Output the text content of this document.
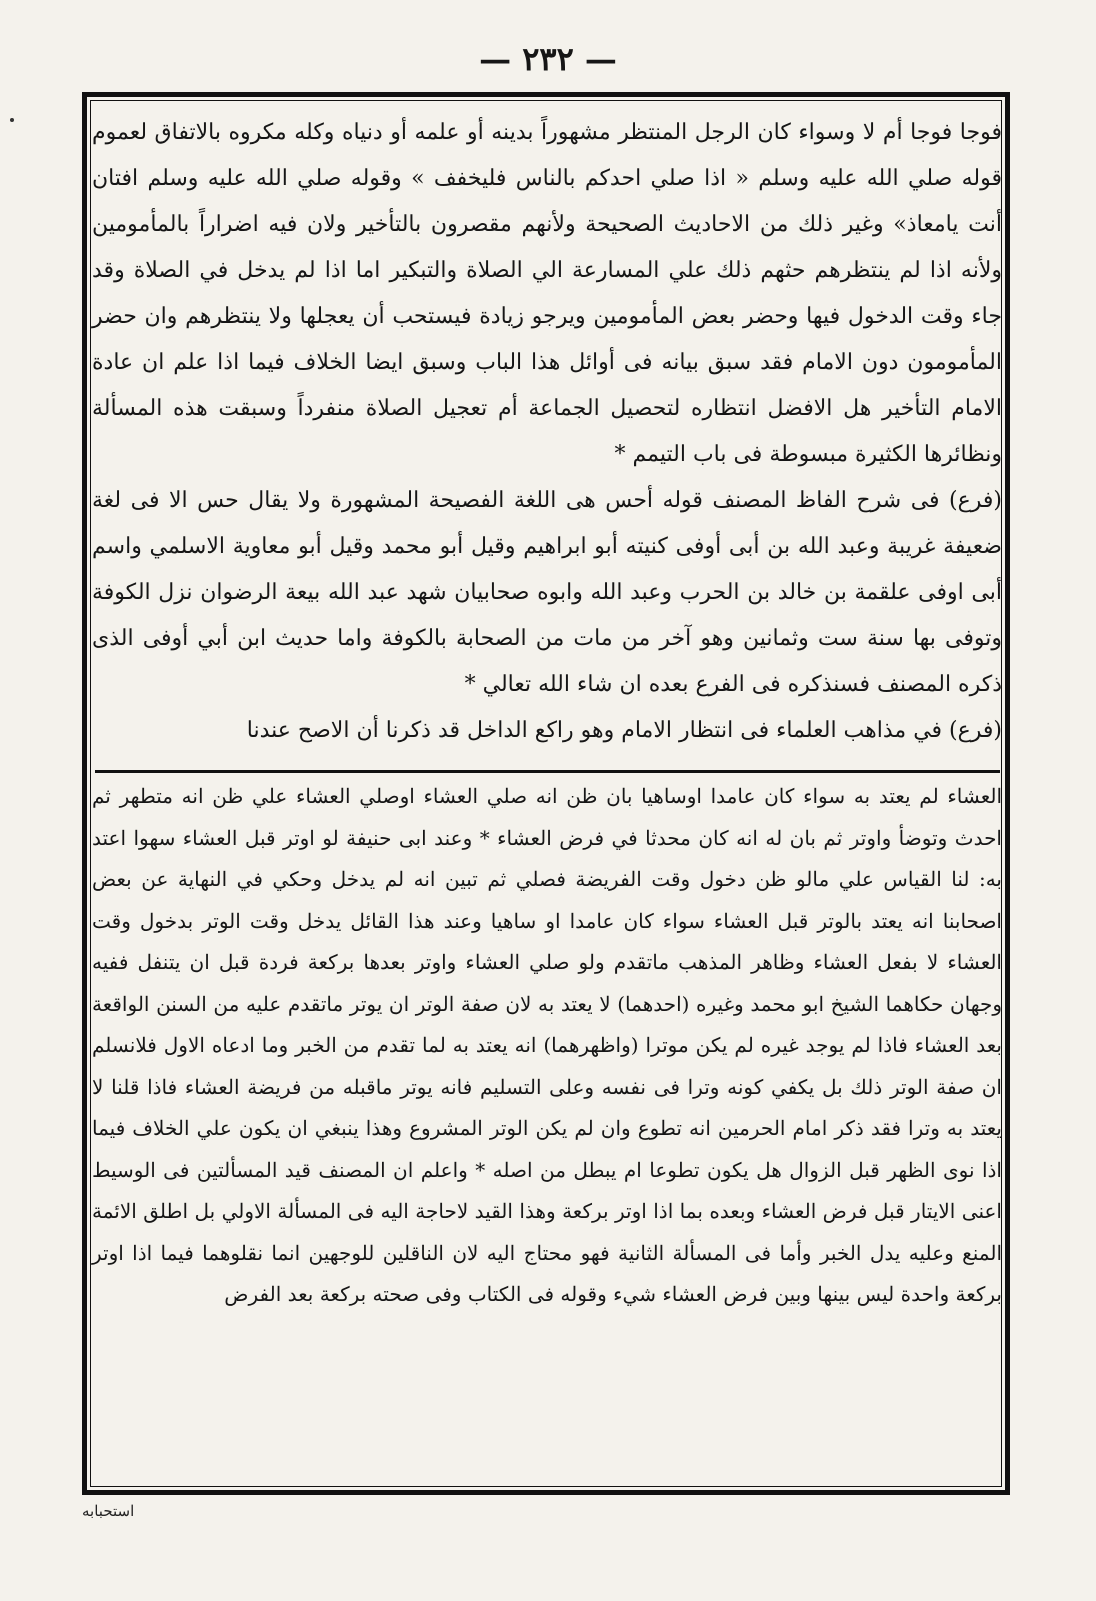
— ٢٣٢ —

فوجا فوجا أم لا وسواء كان الرجل المنتظر مشهوراً بدينه أو علمه أو دنياه وكله مكروه بالاتفاق لعموم قوله صلي الله عليه وسلم « اذا صلي احدكم بالناس فليخفف » وقوله صلي الله عليه وسلم افتان أنت يامعاذ» وغير ذلك من الاحاديث الصحيحة ولأنهم مقصرون بالتأخير ولان فيه اضراراً بالمأمومين ولأنه اذا لم ينتظرهم حثهم ذلك علي المسارعة الي الصلاة والتبكير اما اذا لم يدخل في الصلاة وقد جاء وقت الدخول فيها وحضر بعض المأمومين ويرجو زيادة فيستحب أن يعجلها ولا ينتظرهم وان حضر المأمومون دون الامام فقد سبق بيانه فى أوائل هذا الباب وسبق ايضا الخلاف فيما اذا علم ان عادة الامام التأخير هل الافضل انتظاره لتحصيل الجماعة أم تعجيل الصلاة منفرداً وسبقت هذه المسألة ونظائرها الكثيرة مبسوطة فى باب التيمم *

(فرع) فى شرح الفاظ المصنف قوله أحس هى اللغة الفصيحة المشهورة ولا يقال حس الا فى لغة ضعيفة غريبة وعبد الله بن أبى أوفى كنيته أبو ابراهيم وقيل أبو محمد وقيل أبو معاوية الاسلمي واسم أبى اوفى علقمة بن خالد بن الحرب وعبد الله وابوه صحابيان شهد عبد الله بيعة الرضوان نزل الكوفة وتوفى بها سنة ست وثمانين وهو آخر من مات من الصحابة بالكوفة واما حديث ابن أبي أوفى الذى ذكره المصنف فسنذكره فى الفرع بعده ان شاء الله تعالي *

(فرع) في مذاهب العلماء فى انتظار الامام وهو راكع الداخل قد ذكرنا أن الاصح عندنا

العشاء لم يعتد به سواء كان عامدا اوساهيا بان ظن انه صلي العشاء اوصلي العشاء علي ظن انه متطهر ثم احدث وتوضأ واوتر ثم بان له انه كان محدثا في فرض العشاء * وعند ابى حنيفة لو اوتر قبل العشاء سهوا اعتد به: لنا القياس علي مالو ظن دخول وقت الفريضة فصلي ثم تبين انه لم يدخل وحكي في النهاية عن بعض اصحابنا انه يعتد بالوتر قبل العشاء سواء كان عامدا او ساهيا وعند هذا القائل يدخل وقت الوتر بدخول وقت العشاء لا بفعل العشاء وظاهر المذهب ماتقدم ولو صلي العشاء واوتر بعدها بركعة فردة قبل ان يتنفل ففيه وجهان حكاهما الشيخ ابو محمد وغيره (احدهما) لا يعتد به لان صفة الوتر ان يوتر ماتقدم عليه من السنن الواقعة بعد العشاء فاذا لم يوجد غيره لم يكن موترا (واظهرهما) انه يعتد به لما تقدم من الخبر وما ادعاه الاول فلانسلم ان صفة الوتر ذلك بل يكفي كونه وترا فى نفسه وعلى التسليم فانه يوتر ماقبله من فريضة العشاء فاذا قلنا لا يعتد به وترا فقد ذكر امام الحرمين انه تطوع وان لم يكن الوتر المشروع وهذا ينبغي ان يكون علي الخلاف فيما اذا نوى الظهر قبل الزوال هل يكون تطوعا ام يبطل من اصله * واعلم ان المصنف قيد المسألتين فى الوسيط اعنى الايتار قبل فرض العشاء وبعده بما اذا اوتر بركعة وهذا القيد لاحاجة اليه فى المسألة الاولي بل اطلق الائمة المنع وعليه يدل الخبر وأما فى المسألة الثانية فهو محتاج اليه لان الناقلين للوجهين انما نقلوهما فيما اذا اوتر بركعة واحدة ليس بينها وبين فرض العشاء شيء وقوله فى الكتاب وفى صحته بركعة بعد الفرض

استحبابه
